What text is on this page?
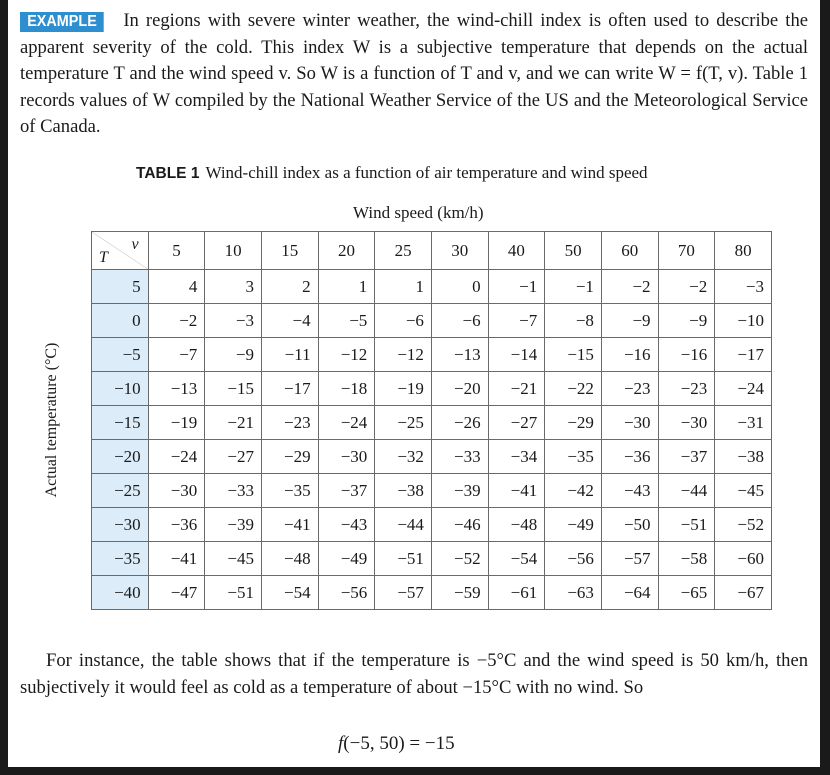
EXAMPLE In regions with severe winter weather, the wind-chill index is often used to describe the apparent severity of the cold. This index W is a subjective temperature that depends on the actual temperature T and the wind speed v. So W is a function of T and v, and we can write W = f(T, v). Table 1 records values of W compiled by the National Weather Service of the US and the Meteorological Service of Canada.

TABLE 1 Wind-chill index as a function of air temperature and wind speed
Wind speed (km/h)
Actual temperature (°C)
v
T	5	10	15	20	25	30	40	50	60	70	80
5	4	3	2	1	1	0	−1	−1	−2	−2	−3
0	−2	−3	−4	−5	−6	−6	−7	−8	−9	−9	−10
−5	−7	−9	−11	−12	−12	−13	−14	−15	−16	−16	−17
−10	−13	−15	−17	−18	−19	−20	−21	−22	−23	−23	−24
−15	−19	−21	−23	−24	−25	−26	−27	−29	−30	−30	−31
−20	−24	−27	−29	−30	−32	−33	−34	−35	−36	−37	−38
−25	−30	−33	−35	−37	−38	−39	−41	−42	−43	−44	−45
−30	−36	−39	−41	−43	−44	−46	−48	−49	−50	−51	−52
−35	−41	−45	−48	−49	−51	−52	−54	−56	−57	−58	−60
−40	−47	−51	−54	−56	−57	−59	−61	−63	−64	−65	−67

For instance, the table shows that if the temperature is −5°C and the wind speed is 50 km/h, then subjectively it would feel as cold as a temperature of about −15°C with no wind. So

f(−5, 50) = −15
